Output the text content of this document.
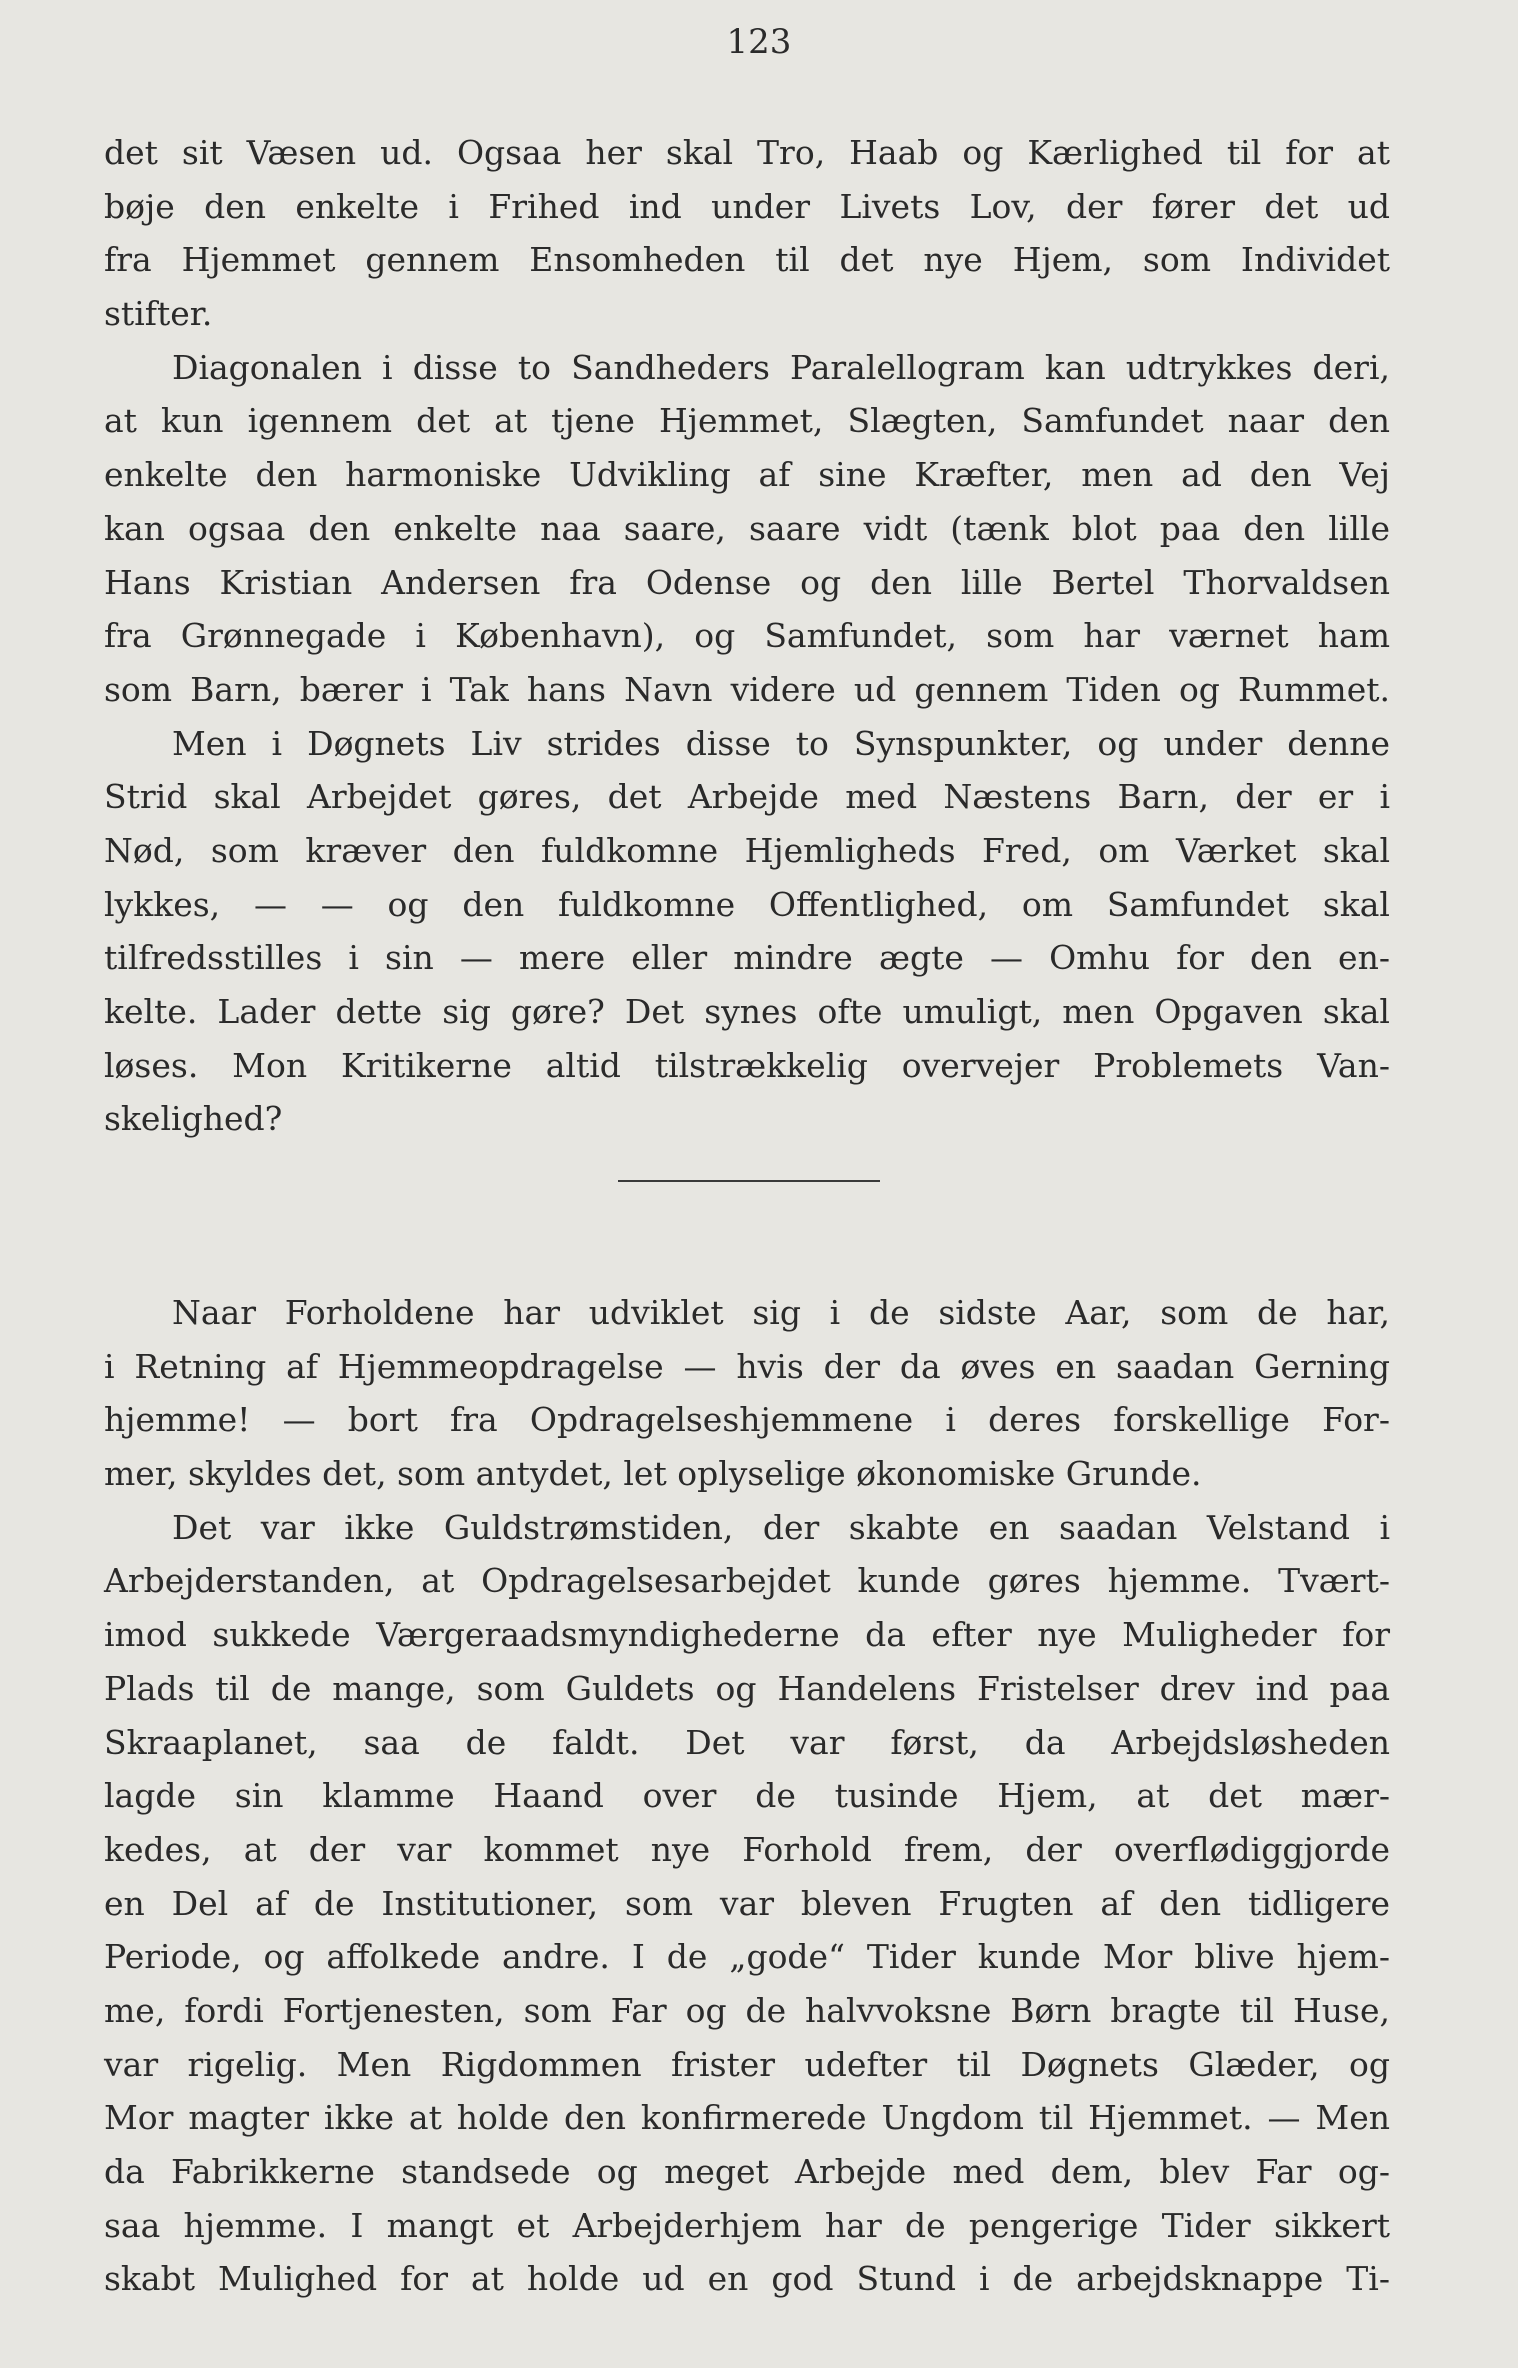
123
det sit Væsen ud. Ogsaa her skal Tro, Haab og Kærlighed til for at
bøje den enkelte i Frihed ind under Livets Lov, der fører det ud
fra Hjemmet gennem Ensomheden til det nye Hjem, som Individet
stifter.
Diagonalen i disse to Sandheders Paralellogram kan udtrykkes deri,
at kun igennem det at tjene Hjemmet, Slægten, Samfundet naar den
enkelte den harmoniske Udvikling af sine Kræfter, men ad den Vej
kan ogsaa den enkelte naa saare, saare vidt (tænk blot paa den lille
Hans Kristian Andersen fra Odense og den lille Bertel Thorvaldsen
fra Grønnegade i København), og Samfundet, som har værnet ham
som Barn, bærer i Tak hans Navn videre ud gennem Tiden og Rummet.
Men i Døgnets Liv strides disse to Synspunkter, og under denne
Strid skal Arbejdet gøres, det Arbejde med Næstens Barn, der er i
Nød, som kræver den fuldkomne Hjemligheds Fred, om Værket skal
lykkes, — — og den fuldkomne Offentlighed, om Samfundet skal
tilfredsstilles i sin — mere eller mindre ægte — Omhu for den en-
kelte. Lader dette sig gøre? Det synes ofte umuligt, men Opgaven skal
løses. Mon Kritikerne altid tilstrækkelig overvejer Problemets Van-
skelighed?
Naar Forholdene har udviklet sig i de sidste Aar, som de har,
i Retning af Hjemmeopdragelse — hvis der da øves en saadan Gerning
hjemme! — bort fra Opdragelseshjemmene i deres forskellige For-
mer, skyldes det, som antydet, let oplyselige økonomiske Grunde.
Det var ikke Guldstrømstiden, der skabte en saadan Velstand i
Arbejderstanden, at Opdragelsesarbejdet kunde gøres hjemme. Tvært-
imod sukkede Værgeraadsmyndighederne da efter nye Muligheder for
Plads til de mange, som Guldets og Handelens Fristelser drev ind paa
Skraaplanet, saa de faldt. Det var først, da Arbejdsløsheden
lagde sin klamme Haand over de tusinde Hjem, at det mær-
kedes, at der var kommet nye Forhold frem, der overflødiggjorde
en Del af de Institutioner, som var bleven Frugten af den tidligere
Periode, og affolkede andre. I de „gode“ Tider kunde Mor blive hjem-
me, fordi Fortjenesten, som Far og de halvvoksne Børn bragte til Huse,
var rigelig. Men Rigdommen frister udefter til Døgnets Glæder, og
Mor magter ikke at holde den konfirmerede Ungdom til Hjemmet. — Men
da Fabrikkerne standsede og meget Arbejde med dem, blev Far og-
saa hjemme. I mangt et Arbejderhjem har de pengerige Tider sikkert
skabt Mulighed for at holde ud en god Stund i de arbejdsknappe Ti-
